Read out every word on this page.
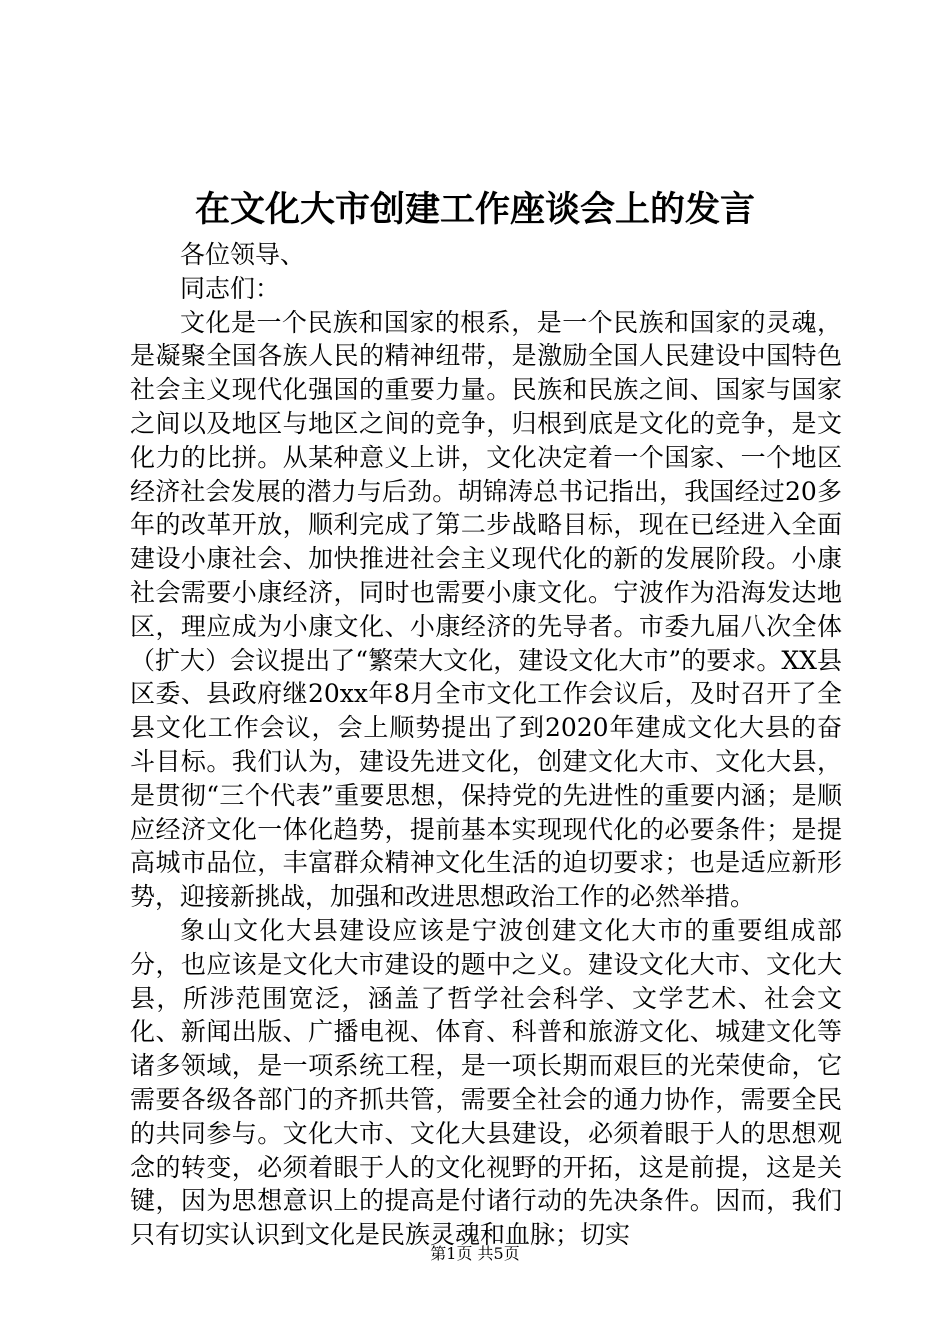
在文化大市创建工作座谈会上的发言

各位领导、

同志们：

文化是一个民族和国家的根系，是一个民族和国家的灵魂，是凝聚全国各族人民的精神纽带，是激励全国人民建设中国特色社会主义现代化强国的重要力量。民族和民族之间、国家与国家之间以及地区与地区之间的竞争，归根到底是文化的竞争，是文化力的比拼。从某种意义上讲，文化决定着一个国家、一个地区经济社会发展的潜力与后劲。胡锦涛总书记指出，我国经过20多年的改革开放，顺利完成了第二步战略目标，现在已经进入全面建设小康社会、加快推进社会主义现代化的新的发展阶段。小康社会需要小康经济，同时也需要小康文化。宁波作为沿海发达地区，理应成为小康文化、小康经济的先导者。市委九届八次全体（扩大）会议提出了“繁荣大文化，建设文化大市”的要求。XX县区委、县政府继20xx年8月全市文化工作会议后，及时召开了全县文化工作会议，会上顺势提出了到2020年建成文化大县的奋斗目标。我们认为，建设先进文化，创建文化大市、文化大县，是贯彻“三个代表”重要思想，保持党的先进性的重要内涵；是顺应经济文化一体化趋势，提前基本实现现代化的必要条件；是提高城市品位，丰富群众精神文化生活的迫切要求；也是适应新形势，迎接新挑战，加强和改进思想政治工作的必然举措。

象山文化大县建设应该是宁波创建文化大市的重要组成部分，也应该是文化大市建设的题中之义。建设文化大市、文化大县，所涉范围宽泛，涵盖了哲学社会科学、文学艺术、社会文化、新闻出版、广播电视、体育、科普和旅游文化、城建文化等诸多领域，是一项系统工程，是一项长期而艰巨的光荣使命，它需要各级各部门的齐抓共管，需要全社会的通力协作，需要全民的共同参与。文化大市、文化大县建设，必须着眼于人的思想观念的转变，必须着眼于人的文化视野的开拓，这是前提，这是关键，因为思想意识上的提高是付诸行动的先决条件。因而，我们只有切实认识到文化是民族灵魂和血脉；切实

第1页 共5页
